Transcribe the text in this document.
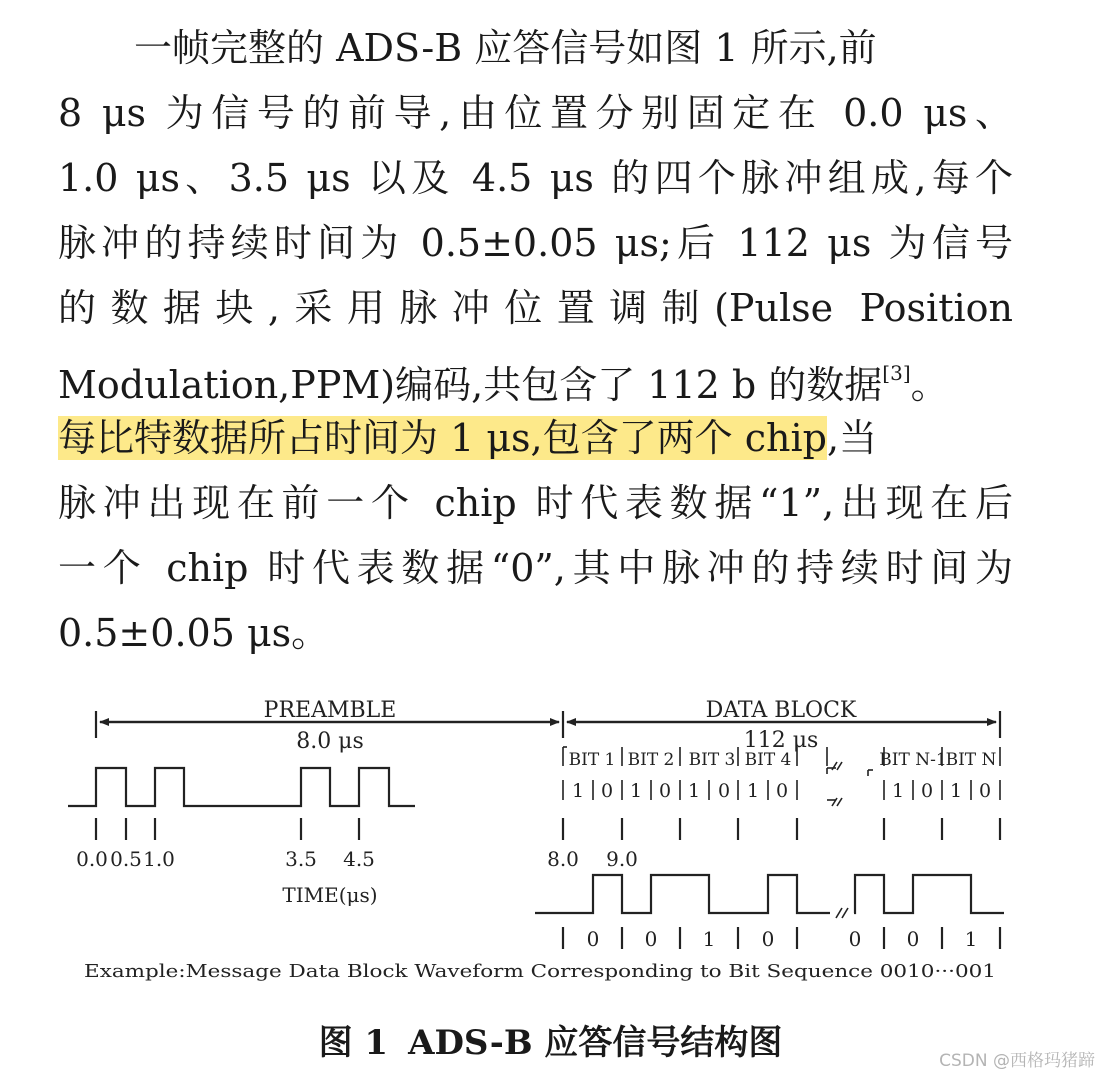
　　一帧完整的 ADS-B 应答信号如图 1 所示,前
8 μs 为信号的前导,由位置分别固定在 0.0 μs、
1.0 μs、3.5 μs 以及 4.5 μs 的四个脉冲组成,每个
脉冲的持续时间为 0.5±0.05 μs;后 112 μs 为信号
的数据块,采用脉冲位置调制(Pulse Position
Modulation,PPM)编码,共包含了 112 b 的数据[3]。
每比特数据所占时间为 1 μs,包含了两个 chip,当
脉冲出现在前一个 chip 时代表数据“1”,出现在后
一个 chip 时代表数据“0”,其中脉冲的持续时间为
0.5±0.05 μs。
PREAMBLE
8.0 μs
DATA BLOCK
112 μs
BIT 1 BIT 2 BIT 3 BIT 4	BIT N-1
BIT N
1 0 1 0 1 0 1 0	1 0 1 0
0.0 0.5 1.0	3.5 4.5	8.0 9.0
TIME(μs)
0 0 1 0	0 0 1
Example:Message Data Block Waveform Corresponding to Bit Sequence 0010···001
图 1 ADS-B 应答信号结构图	CSDN @西格玛猪蹄
